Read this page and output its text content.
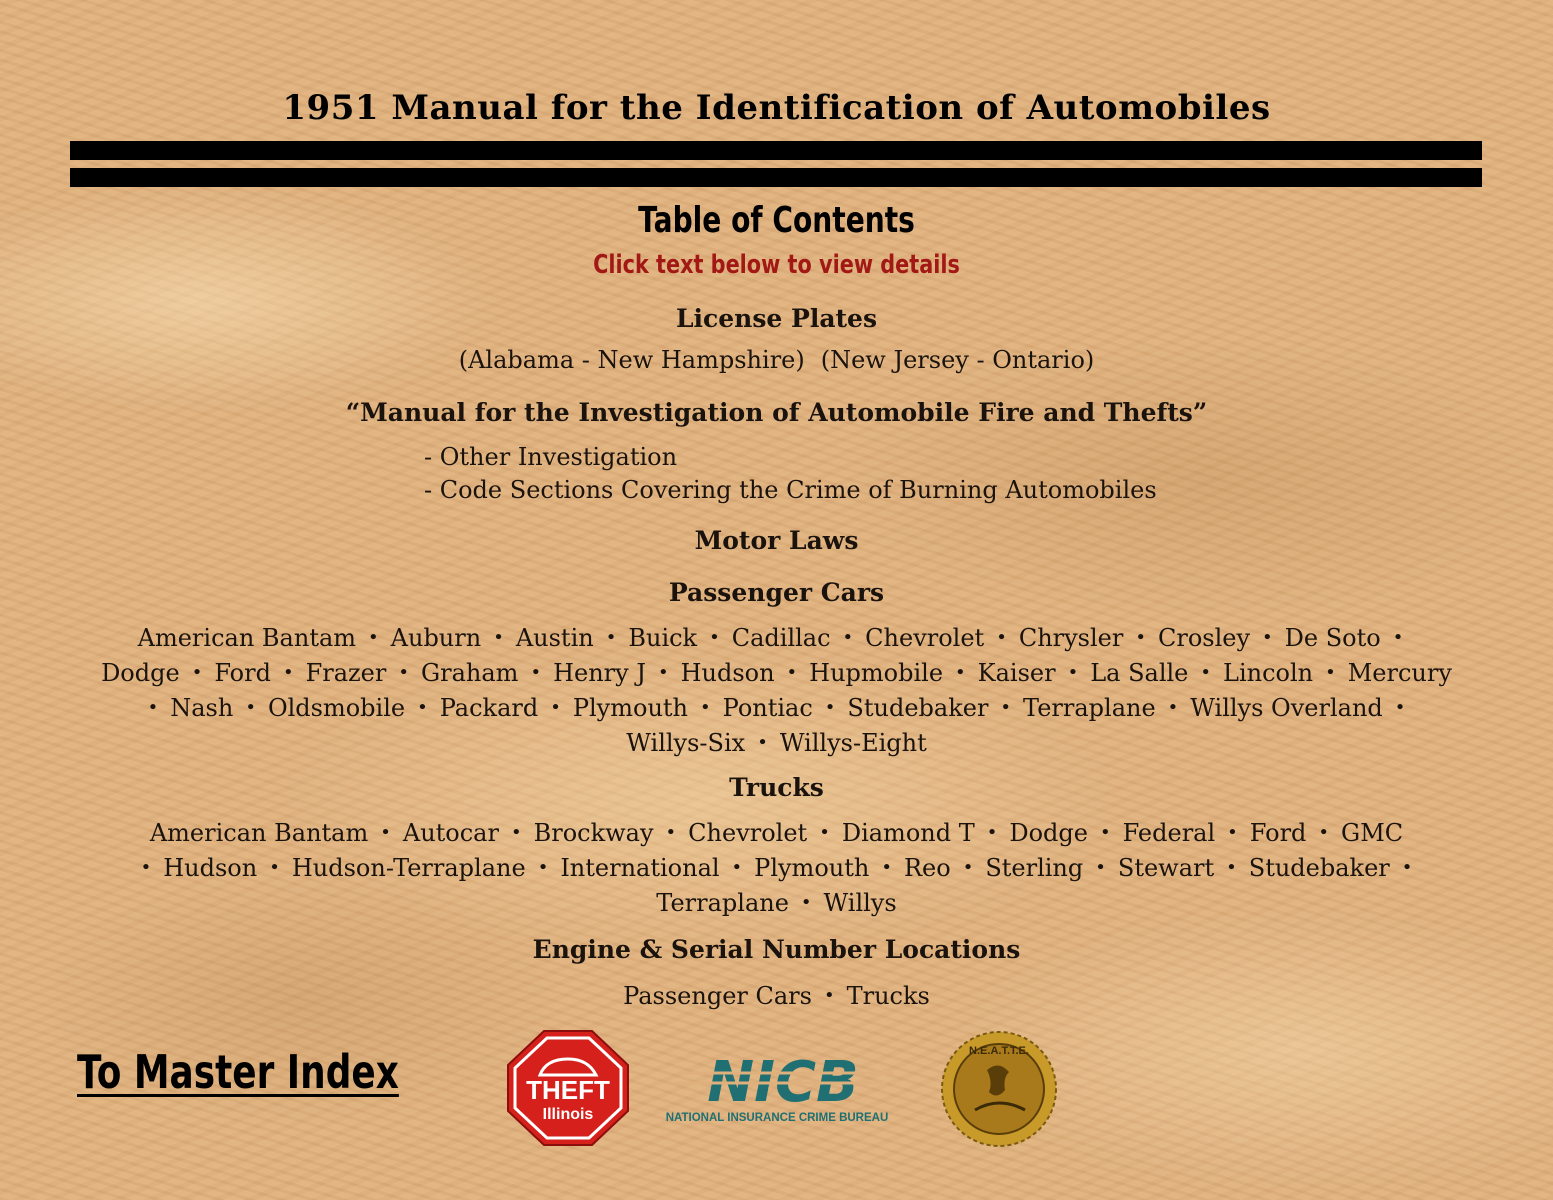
1951 Manual for the Identification of Automobiles
Table of Contents
Click text below to view details
License Plates
(Alabama - New Hampshire) (New Jersey - Ontario)
“Manual for the Investigation of Automobile Fire and Thefts”
- Other Investigation
- Code Sections Covering the Crime of Burning Automobiles
Motor Laws
Passenger Cars
American Bantam • Auburn • Austin • Buick • Cadillac • Chevrolet • Chrysler • Crosley • De Soto •
Dodge • Ford • Frazer • Graham • Henry J • Hudson • Hupmobile • Kaiser • La Salle • Lincoln • Mercury
• Nash • Oldsmobile • Packard • Plymouth • Pontiac • Studebaker • Terraplane • Willys Overland •
Willys-Six • Willys-Eight
Trucks
American Bantam • Autocar • Brockway • Chevrolet • Diamond T • Dodge • Federal • Ford • GMC
• Hudson • Hudson-Terraplane • International • Plymouth • Reo • Sterling • Stewart • Studebaker •
Terraplane • Willys
Engine & Serial Number Locations
Passenger Cars • Trucks
To Master Index	THEFT
Illinois NICB
NATIONAL INSURANCE CRIME BUREAU
N.E.A.T.T.E.
